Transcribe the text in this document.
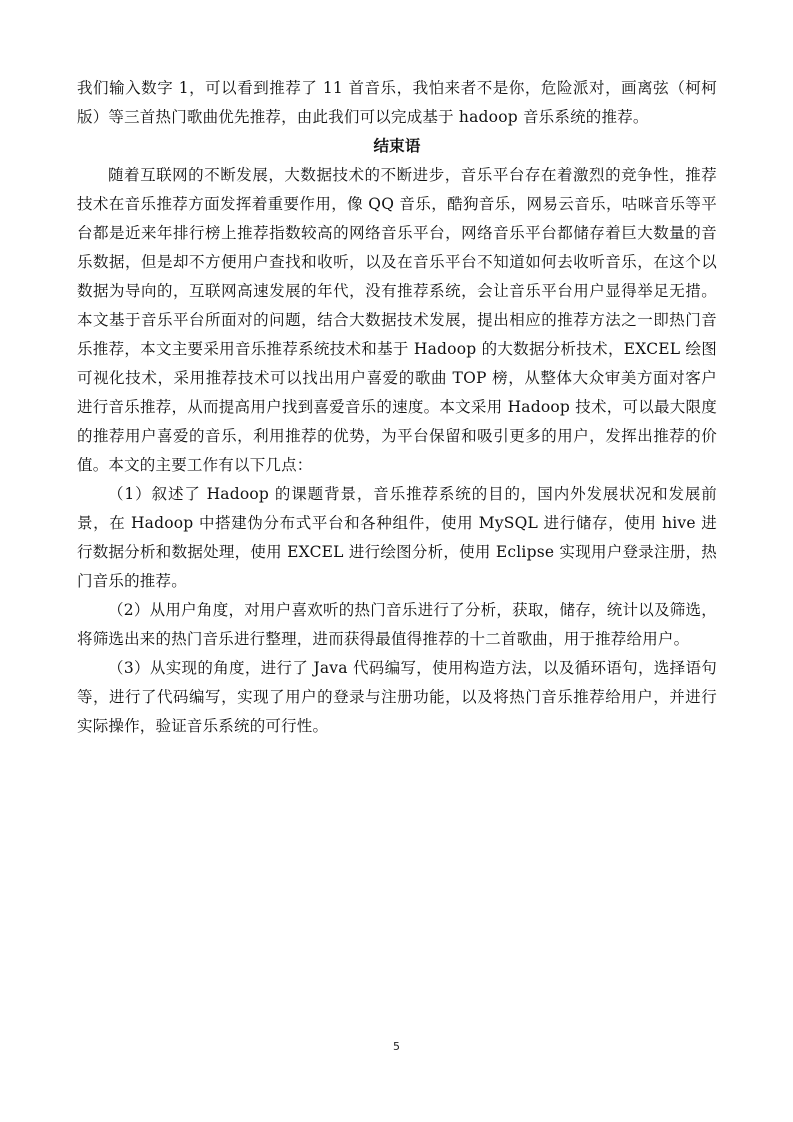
我们输入数字 1，可以看到推荐了 11 首音乐，我怕来者不是你，危险派对，画离弦（柯柯版）等三首热门歌曲优先推荐，由此我们可以完成基于 hadoop 音乐系统的推荐。

结束语

随着互联网的不断发展，大数据技术的不断进步，音乐平台存在着激烈的竞争性，推荐技术在音乐推荐方面发挥着重要作用，像 QQ 音乐，酷狗音乐，网易云音乐，咕咪音乐等平台都是近来年排行榜上推荐指数较高的网络音乐平台，网络音乐平台都储存着巨大数量的音乐数据，但是却不方便用户查找和收听，以及在音乐平台不知道如何去收听音乐，在这个以数据为导向的，互联网高速发展的年代，没有推荐系统，会让音乐平台用户显得举足无措。本文基于音乐平台所面对的问题，结合大数据技术发展，提出相应的推荐方法之一即热门音乐推荐，本文主要采用音乐推荐系统技术和基于 Hadoop 的大数据分析技术，EXCEL 绘图可视化技术，采用推荐技术可以找出用户喜爱的歌曲 TOP 榜，从整体大众审美方面对客户进行音乐推荐，从而提高用户找到喜爱音乐的速度。本文采用 Hadoop 技术，可以最大限度的推荐用户喜爱的音乐，利用推荐的优势，为平台保留和吸引更多的用户，发挥出推荐的价值。本文的主要工作有以下几点：

（1）叙述了 Hadoop 的课题背景，音乐推荐系统的目的，国内外发展状况和发展前景，在 Hadoop 中搭建伪分布式平台和各种组件，使用 MySQL 进行储存，使用 hive 进行数据分析和数据处理，使用 EXCEL 进行绘图分析，使用 Eclipse 实现用户登录注册，热门音乐的推荐。

（2）从用户角度，对用户喜欢听的热门音乐进行了分析，获取，储存，统计以及筛选，将筛选出来的热门音乐进行整理，进而获得最值得推荐的十二首歌曲，用于推荐给用户。

（3）从实现的角度，进行了 Java 代码编写，使用构造方法，以及循环语句，选择语句等，进行了代码编写，实现了用户的登录与注册功能，以及将热门音乐推荐给用户，并进行实际操作，验证音乐系统的可行性。

5
